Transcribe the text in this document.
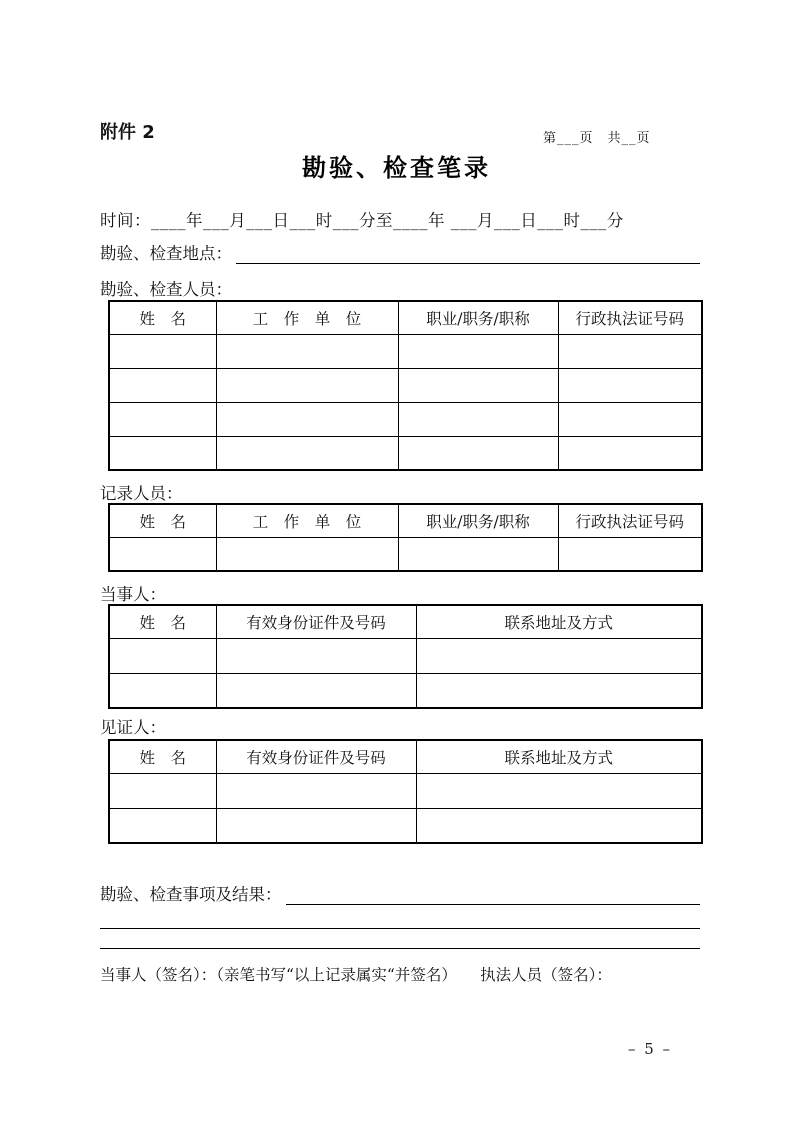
附件 2	第___页　共__页
勘验、检查笔录
时间：____年___月___日___时___分至____年 ___月___日___时___分
勘验、检查地点：
勘验、检查人员：
姓　名	工　作　单　位	职业/职务/职称	行政执法证号码

记录人员：
姓　名	工　作　单　位	职业/职务/职称	行政执法证号码

当事人：
姓　名	有效身份证件及号码	联系地址及方式

见证人：
姓　名	有效身份证件及号码	联系地址及方式

勘验、检查事项及结果：
当事人（签名）：（亲笔书写“以上记录属实“并签名）　　执法人员（签名）：
– 5 –
